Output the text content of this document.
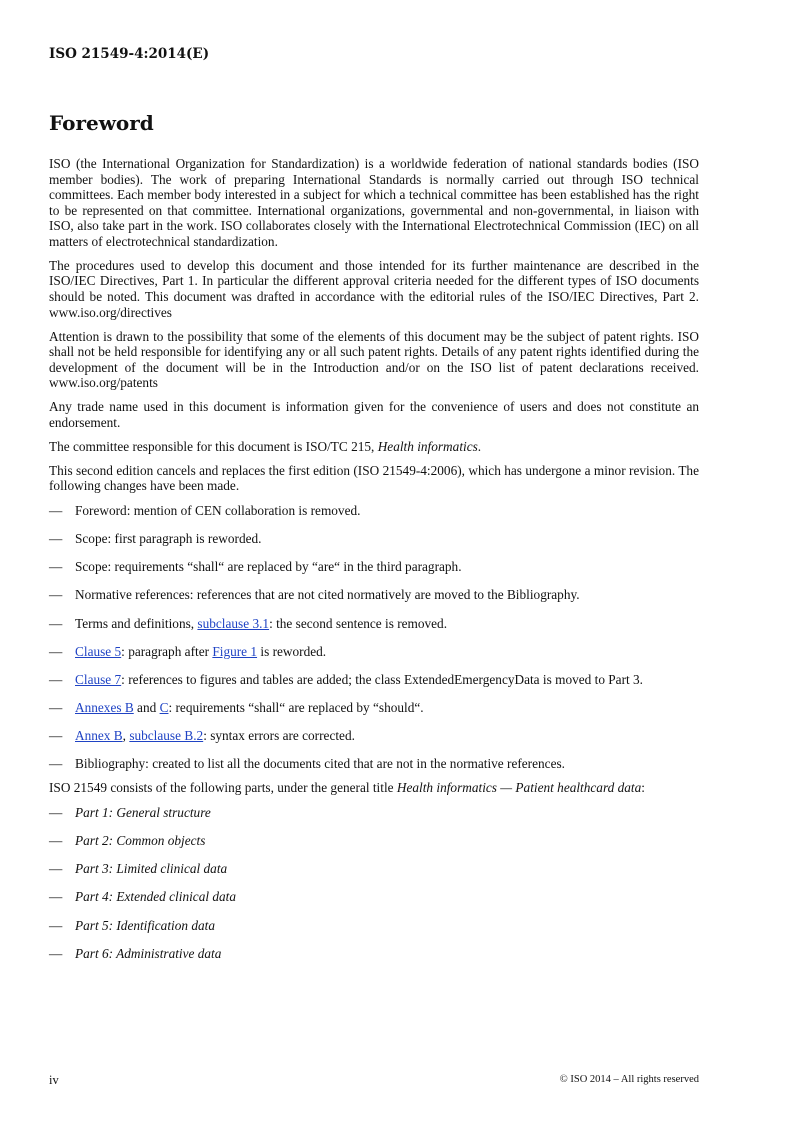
ISO 21549-4:2014(E)
Foreword

ISO (the International Organization for Standardization) is a worldwide federation of national standards bodies (ISO member bodies). The work of preparing International Standards is normally carried out through ISO technical committees. Each member body interested in a subject for which a technical committee has been established has the right to be represented on that committee. International organizations, governmental and non-governmental, in liaison with ISO, also take part in the work. ISO collaborates closely with the International Electrotechnical Commission (IEC) on all matters of electrotechnical standardization.

The procedures used to develop this document and those intended for its further maintenance are described in the ISO/IEC Directives, Part 1. In particular the different approval criteria needed for the different types of ISO documents should be noted. This document was drafted in accordance with the editorial rules of the ISO/IEC Directives, Part 2. www.iso.org/directives

Attention is drawn to the possibility that some of the elements of this document may be the subject of patent rights. ISO shall not be held responsible for identifying any or all such patent rights. Details of any patent rights identified during the development of the document will be in the Introduction and/or on the ISO list of patent declarations received. www.iso.org/patents

Any trade name used in this document is information given for the convenience of users and does not constitute an endorsement.

The committee responsible for this document is ISO/TC 215, Health informatics.

This second edition cancels and replaces the first edition (ISO 21549-4:2006), which has undergone a minor revision. The following changes have been made.

— Foreword: mention of CEN collaboration is removed.
— Scope: first paragraph is reworded.
— Scope: requirements “shall“ are replaced by “are“ in the third paragraph.
— Normative references: references that are not cited normatively are moved to the Bibliography.
— Terms and definitions, subclause 3.1: the second sentence is removed.
— Clause 5: paragraph after Figure 1 is reworded.
— Clause 7: references to figures and tables are added; the class ExtendedEmergencyData is moved to Part 3.
— Annexes B and C: requirements “shall“ are replaced by “should“.
— Annex B, subclause B.2: syntax errors are corrected.
— Bibliography: created to list all the documents cited that are not in the normative references.

ISO 21549 consists of the following parts, under the general title Health informatics — Patient healthcard data:

— Part 1: General structure
— Part 2: Common objects
— Part 3: Limited clinical data
— Part 4: Extended clinical data
— Part 5: Identification data
— Part 6: Administrative data
iv	© ISO 2014 – All rights reserved
